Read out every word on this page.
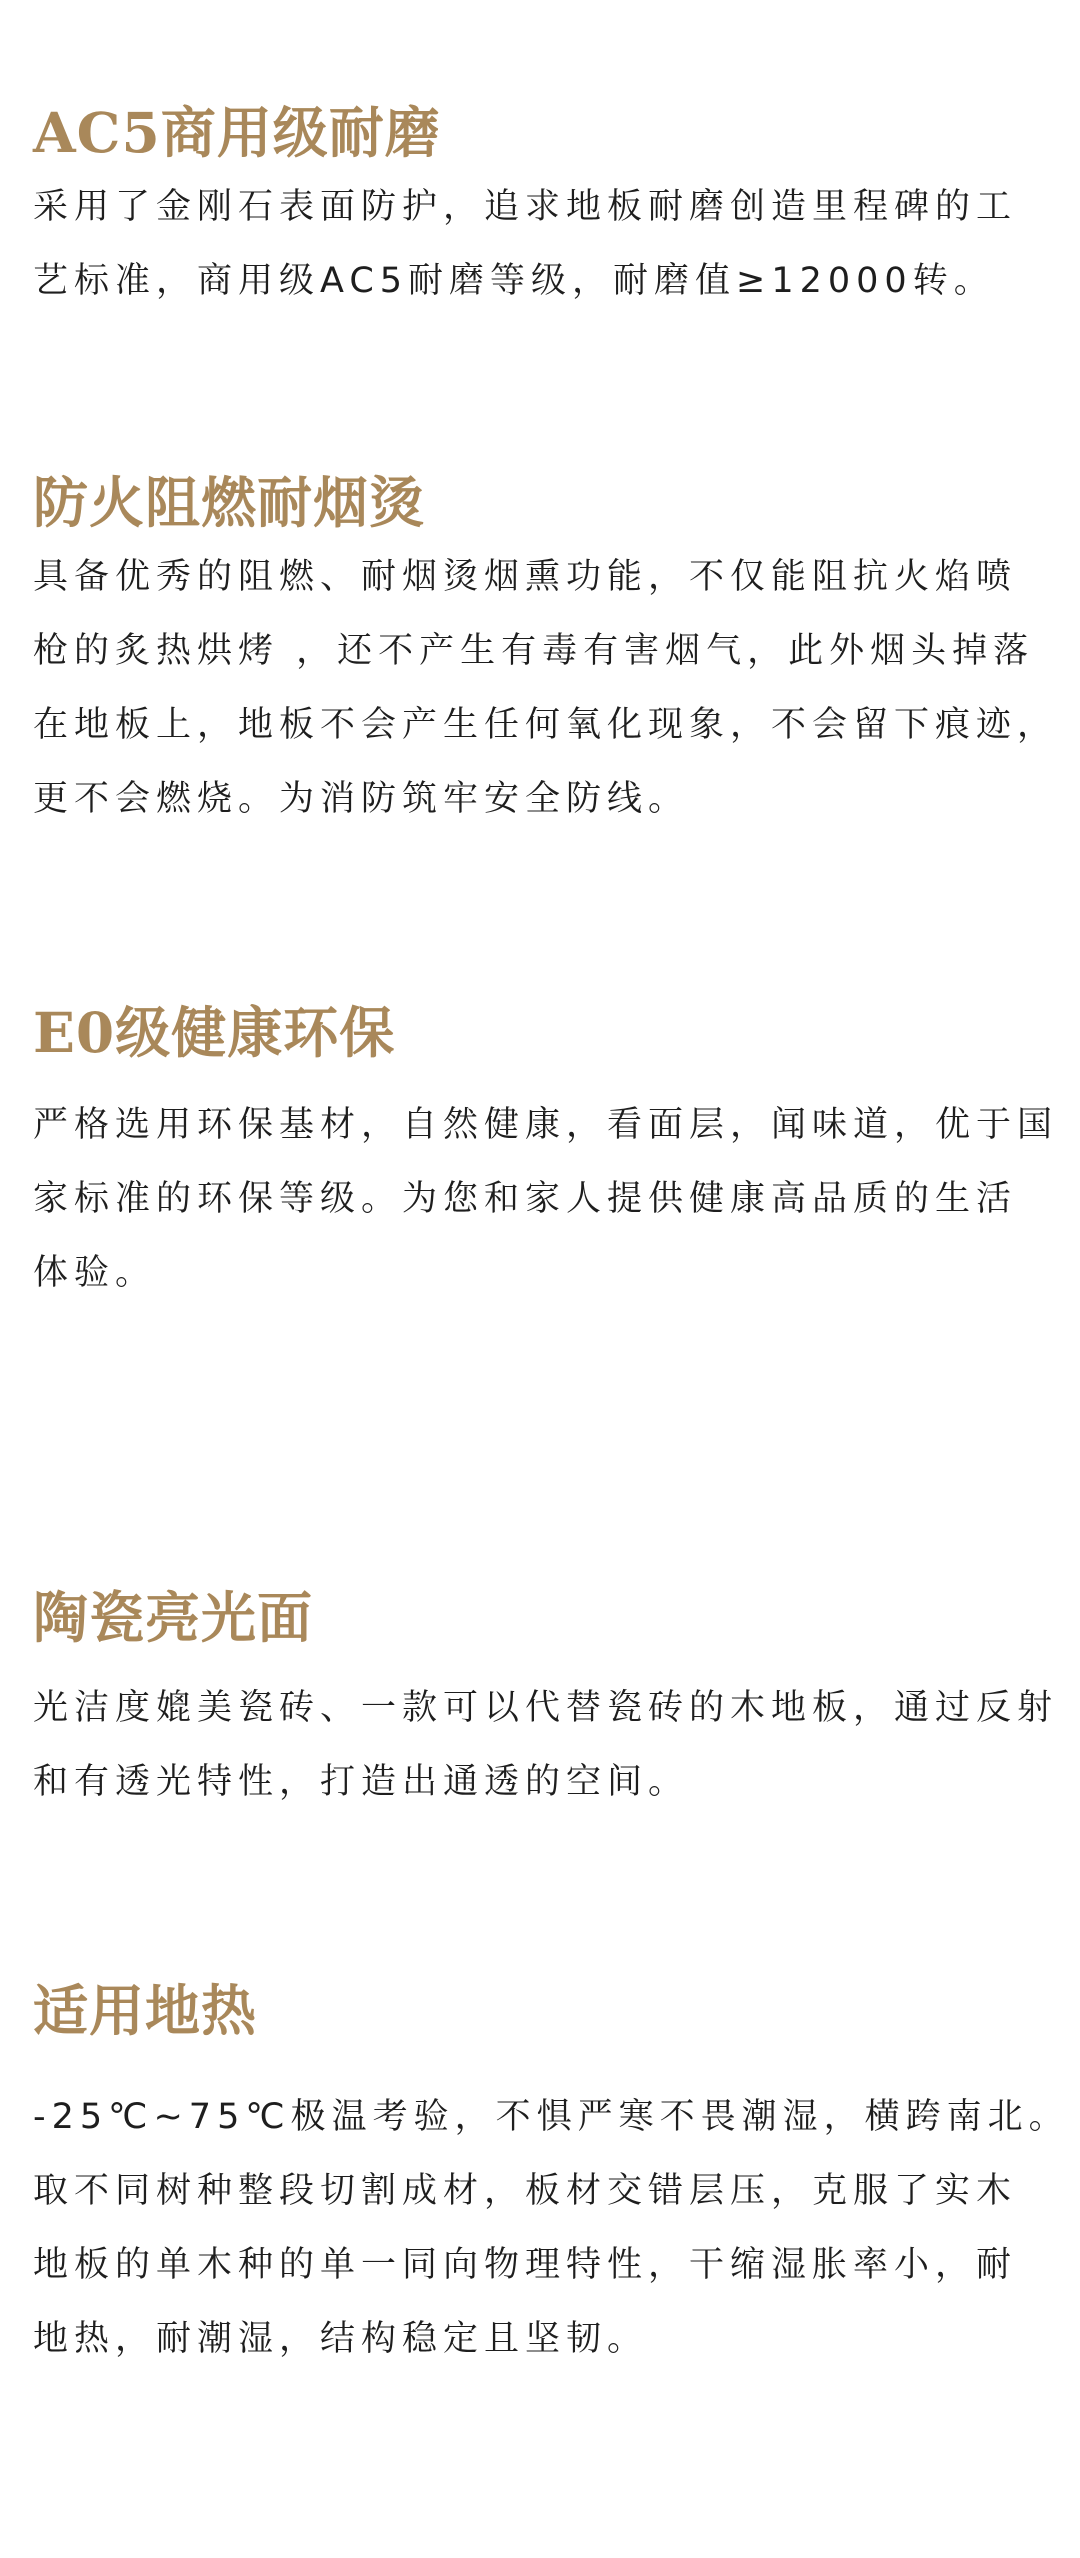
AC5商用级耐磨

采用了金刚石表面防护，追求地板耐磨创造里程碑的工
艺标准，商用级AC5耐磨等级，耐磨值≥12000转。

防火阻燃耐烟烫

具备优秀的阻燃、耐烟烫烟熏功能，不仅能阻抗火焰喷
枪的炙热烘烤 ，还不产生有毒有害烟气，此外烟头掉落
在地板上，地板不会产生任何氧化现象，不会留下痕迹，
更不会燃烧。为消防筑牢安全防线。

E0级健康环保

严格选用环保基材，自然健康，看面层，闻味道，优于国
家标准的环保等级。为您和家人提供健康高品质的生活
体验。

陶瓷亮光面

光洁度媲美瓷砖、一款可以代替瓷砖的木地板，通过反射
和有透光特性，打造出通透的空间。

适用地热

-25℃~75℃极温考验，不惧严寒不畏潮湿，横跨南北。
取不同树种整段切割成材，板材交错层压，克服了实木
地板的单木种的单一同向物理特性，干缩湿胀率小，耐
地热，耐潮湿，结构稳定且坚韧。
